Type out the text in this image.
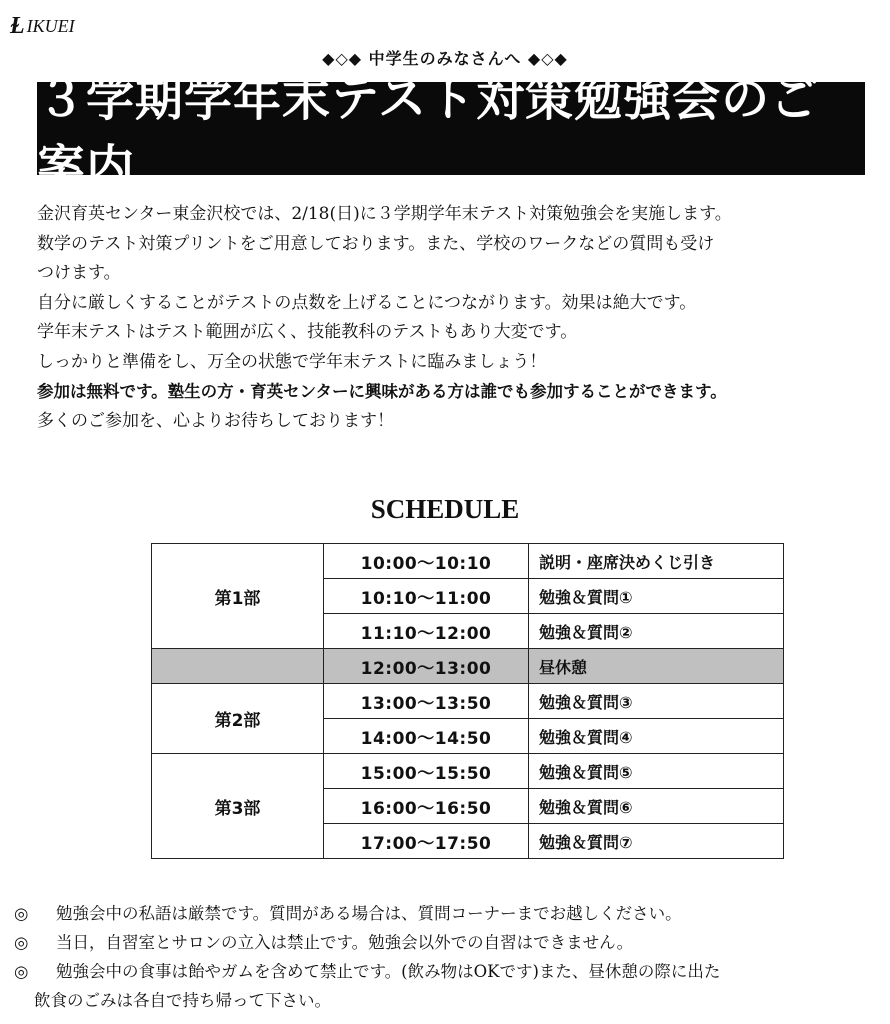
Ɫ IKUEI
◆◇◆ 中学生のみなさんへ ◆◇◆
３学期学年末テスト対策勉強会のご案内

金沢育英センター東金沢校では、2/18(日)に３学期学年末テスト対策勉強会を実施します。

数学のテスト対策プリントをご用意しております。また、学校のワークなどの質問も受け

つけます。

自分に厳しくすることがテストの点数を上げることにつながります。効果は絶大です。

学年末テストはテスト範囲が広く、技能教科のテストもあり大変です。

しっかりと準備をし、万全の状態で学年末テストに臨みましょう！

参加は無料です。塾生の方・育英センターに興味がある方は誰でも参加することができます。

多くのご参加を、心よりお待ちしております！

SCHEDULE
第1部	10:00～10:10	説明・座席決めくじ引き
	10:10～11:00	勉強＆質問①
	11:10～12:00	勉強＆質問②
	12:00～13:00	昼休憩
第2部	13:00～13:50	勉強＆質問③
	14:00～14:50	勉強＆質問④
第3部	15:00～15:50	勉強＆質問⑤
	16:00～16:50	勉強＆質問⑥
	17:00～17:50	勉強＆質問⑦
◎	勉強会中の私語は厳禁です。質問がある場合は、質問コーナーまでお越しください。
◎	当日，自習室とサロンの立入は禁止です。勉強会以外での自習はできません。
◎	勉強会中の食事は飴やガムを含めて禁止です。(飲み物はOKです)また、昼休憩の際に出た
飲食のごみは各自で持ち帰って下さい。
